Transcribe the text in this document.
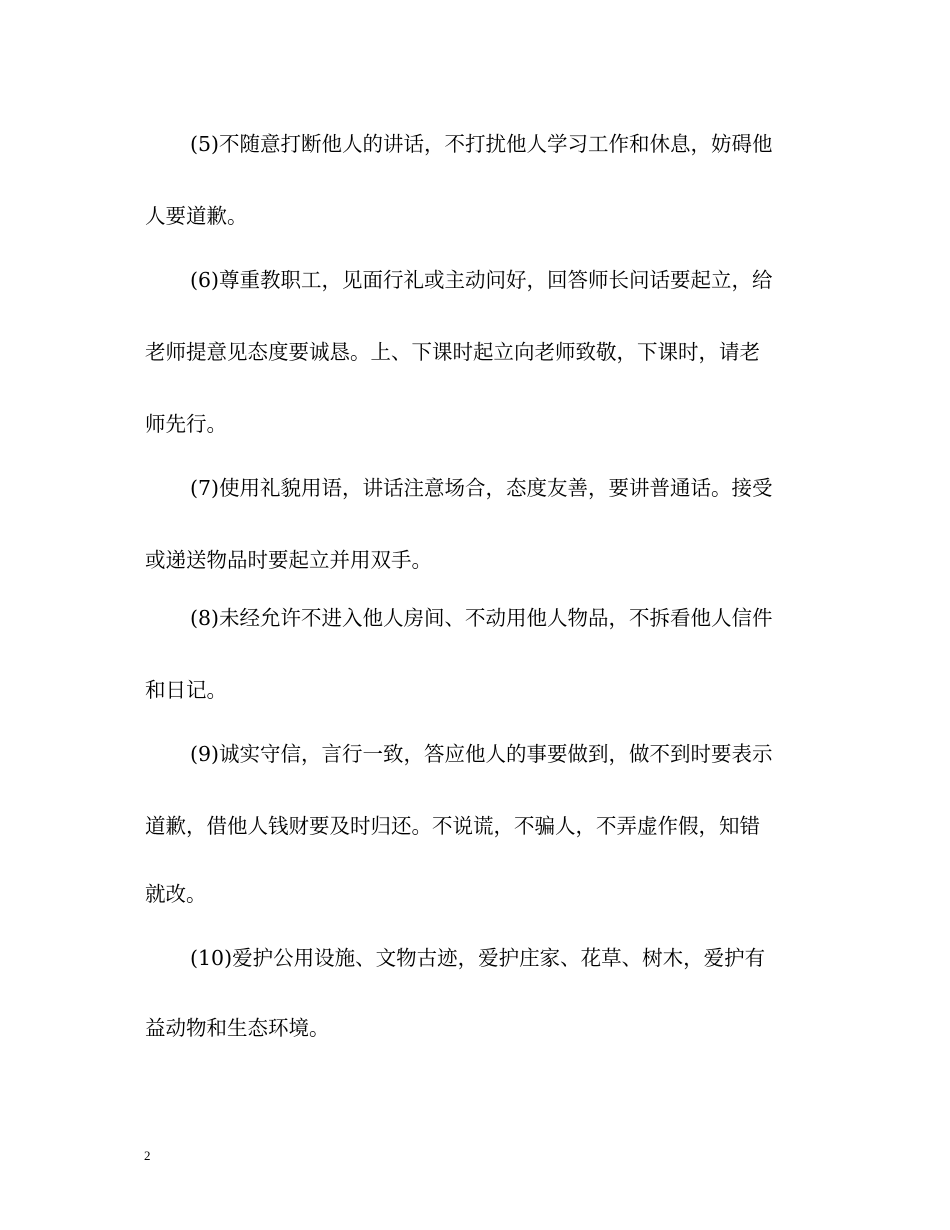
(5)不随意打断他人的讲话，不打扰他人学习工作和休息，妨碍他
人要道歉。
(6)尊重教职工，见面行礼或主动问好，回答师长问话要起立，给
老师提意见态度要诚恳。上、下课时起立向老师致敬，下课时，请老
师先行。
(7)使用礼貌用语，讲话注意场合，态度友善，要讲普通话。接受
或递送物品时要起立并用双手。
(8)未经允许不进入他人房间、不动用他人物品，不拆看他人信件
和日记。
(9)诚实守信，言行一致，答应他人的事要做到，做不到时要表示
道歉，借他人钱财要及时归还。不说谎，不骗人，不弄虚作假，知错
就改。
(10)爱护公用设施、文物古迹，爱护庄家、花草、树木，爱护有
益动物和生态环境。
2
